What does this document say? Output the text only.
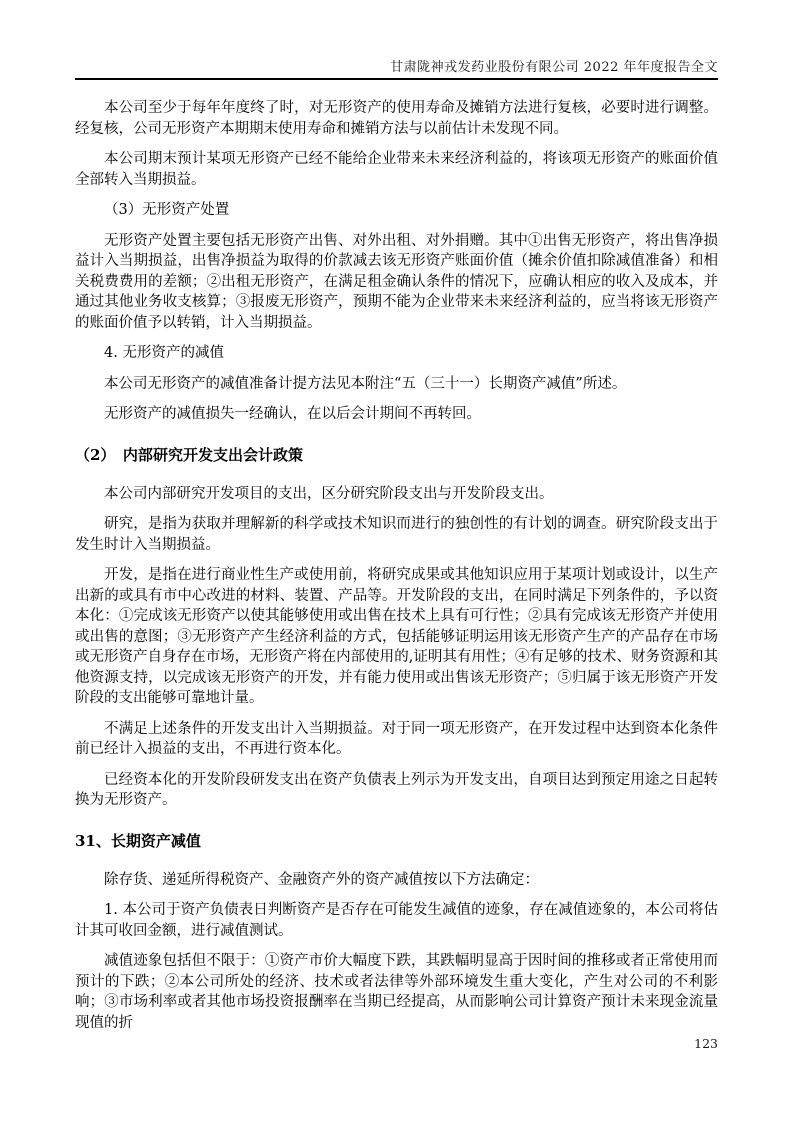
甘肃陇神戎发药业股份有限公司 2022 年年度报告全文

本公司至少于每年年度终了时，对无形资产的使用寿命及摊销方法进行复核，必要时进行调整。经复核，公司无形资产本期期末使用寿命和摊销方法与以前估计未发现不同。

本公司期末预计某项无形资产已经不能给企业带来未来经济利益的，将该项无形资产的账面价值全部转入当期损益。

（3）无形资产处置

无形资产处置主要包括无形资产出售、对外出租、对外捐赠。其中①出售无形资产，将出售净损益计入当期损益，出售净损益为取得的价款减去该无形资产账面价值（摊余价值扣除减值准备）和相关税费费用的差额；②出租无形资产，在满足租金确认条件的情况下，应确认相应的收入及成本，并通过其他业务收支核算；③报废无形资产，预期不能为企业带来未来经济利益的，应当将该无形资产的账面价值予以转销，计入当期损益。

4. 无形资产的减值

本公司无形资产的减值准备计提方法见本附注“五（三十一）长期资产减值”所述。

无形资产的减值损失一经确认，在以后会计期间不再转回。

（2）　内部研究开发支出会计政策

本公司内部研究开发项目的支出，区分研究阶段支出与开发阶段支出。

研究，是指为获取并理解新的科学或技术知识而进行的独创性的有计划的调查。研究阶段支出于发生时计入当期损益。

开发，是指在进行商业性生产或使用前，将研究成果或其他知识应用于某项计划或设计，以生产出新的或具有市中心改进的材料、装置、产品等。开发阶段的支出，在同时满足下列条件的，予以资本化：①完成该无形资产以使其能够使用或出售在技术上具有可行性；②具有完成该无形资产并使用或出售的意图；③无形资产产生经济利益的方式，包括能够证明运用该无形资产生产的产品存在市场或无形资产自身存在市场，无形资产将在内部使用的,证明其有用性；④有足够的技术、财务资源和其他资源支持，以完成该无形资产的开发，并有能力使用或出售该无形资产；⑤归属于该无形资产开发阶段的支出能够可靠地计量。

不满足上述条件的开发支出计入当期损益。对于同一项无形资产，在开发过程中达到资本化条件前已经计入损益的支出，不再进行资本化。

已经资本化的开发阶段研发支出在资产负债表上列示为开发支出，自项目达到预定用途之日起转换为无形资产。

31、长期资产减值

除存货、递延所得税资产、金融资产外的资产减值按以下方法确定：

1. 本公司于资产负债表日判断资产是否存在可能发生减值的迹象，存在减值迹象的，本公司将估计其可收回金额，进行减值测试。

减值迹象包括但不限于：①资产市价大幅度下跌，其跌幅明显高于因时间的推移或者正常使用而预计的下跌；②本公司所处的经济、技术或者法律等外部环境发生重大变化，产生对公司的不利影响；③市场利率或者其他市场投资报酬率在当期已经提高，从而影响公司计算资产预计未来现金流量现值的折

123
